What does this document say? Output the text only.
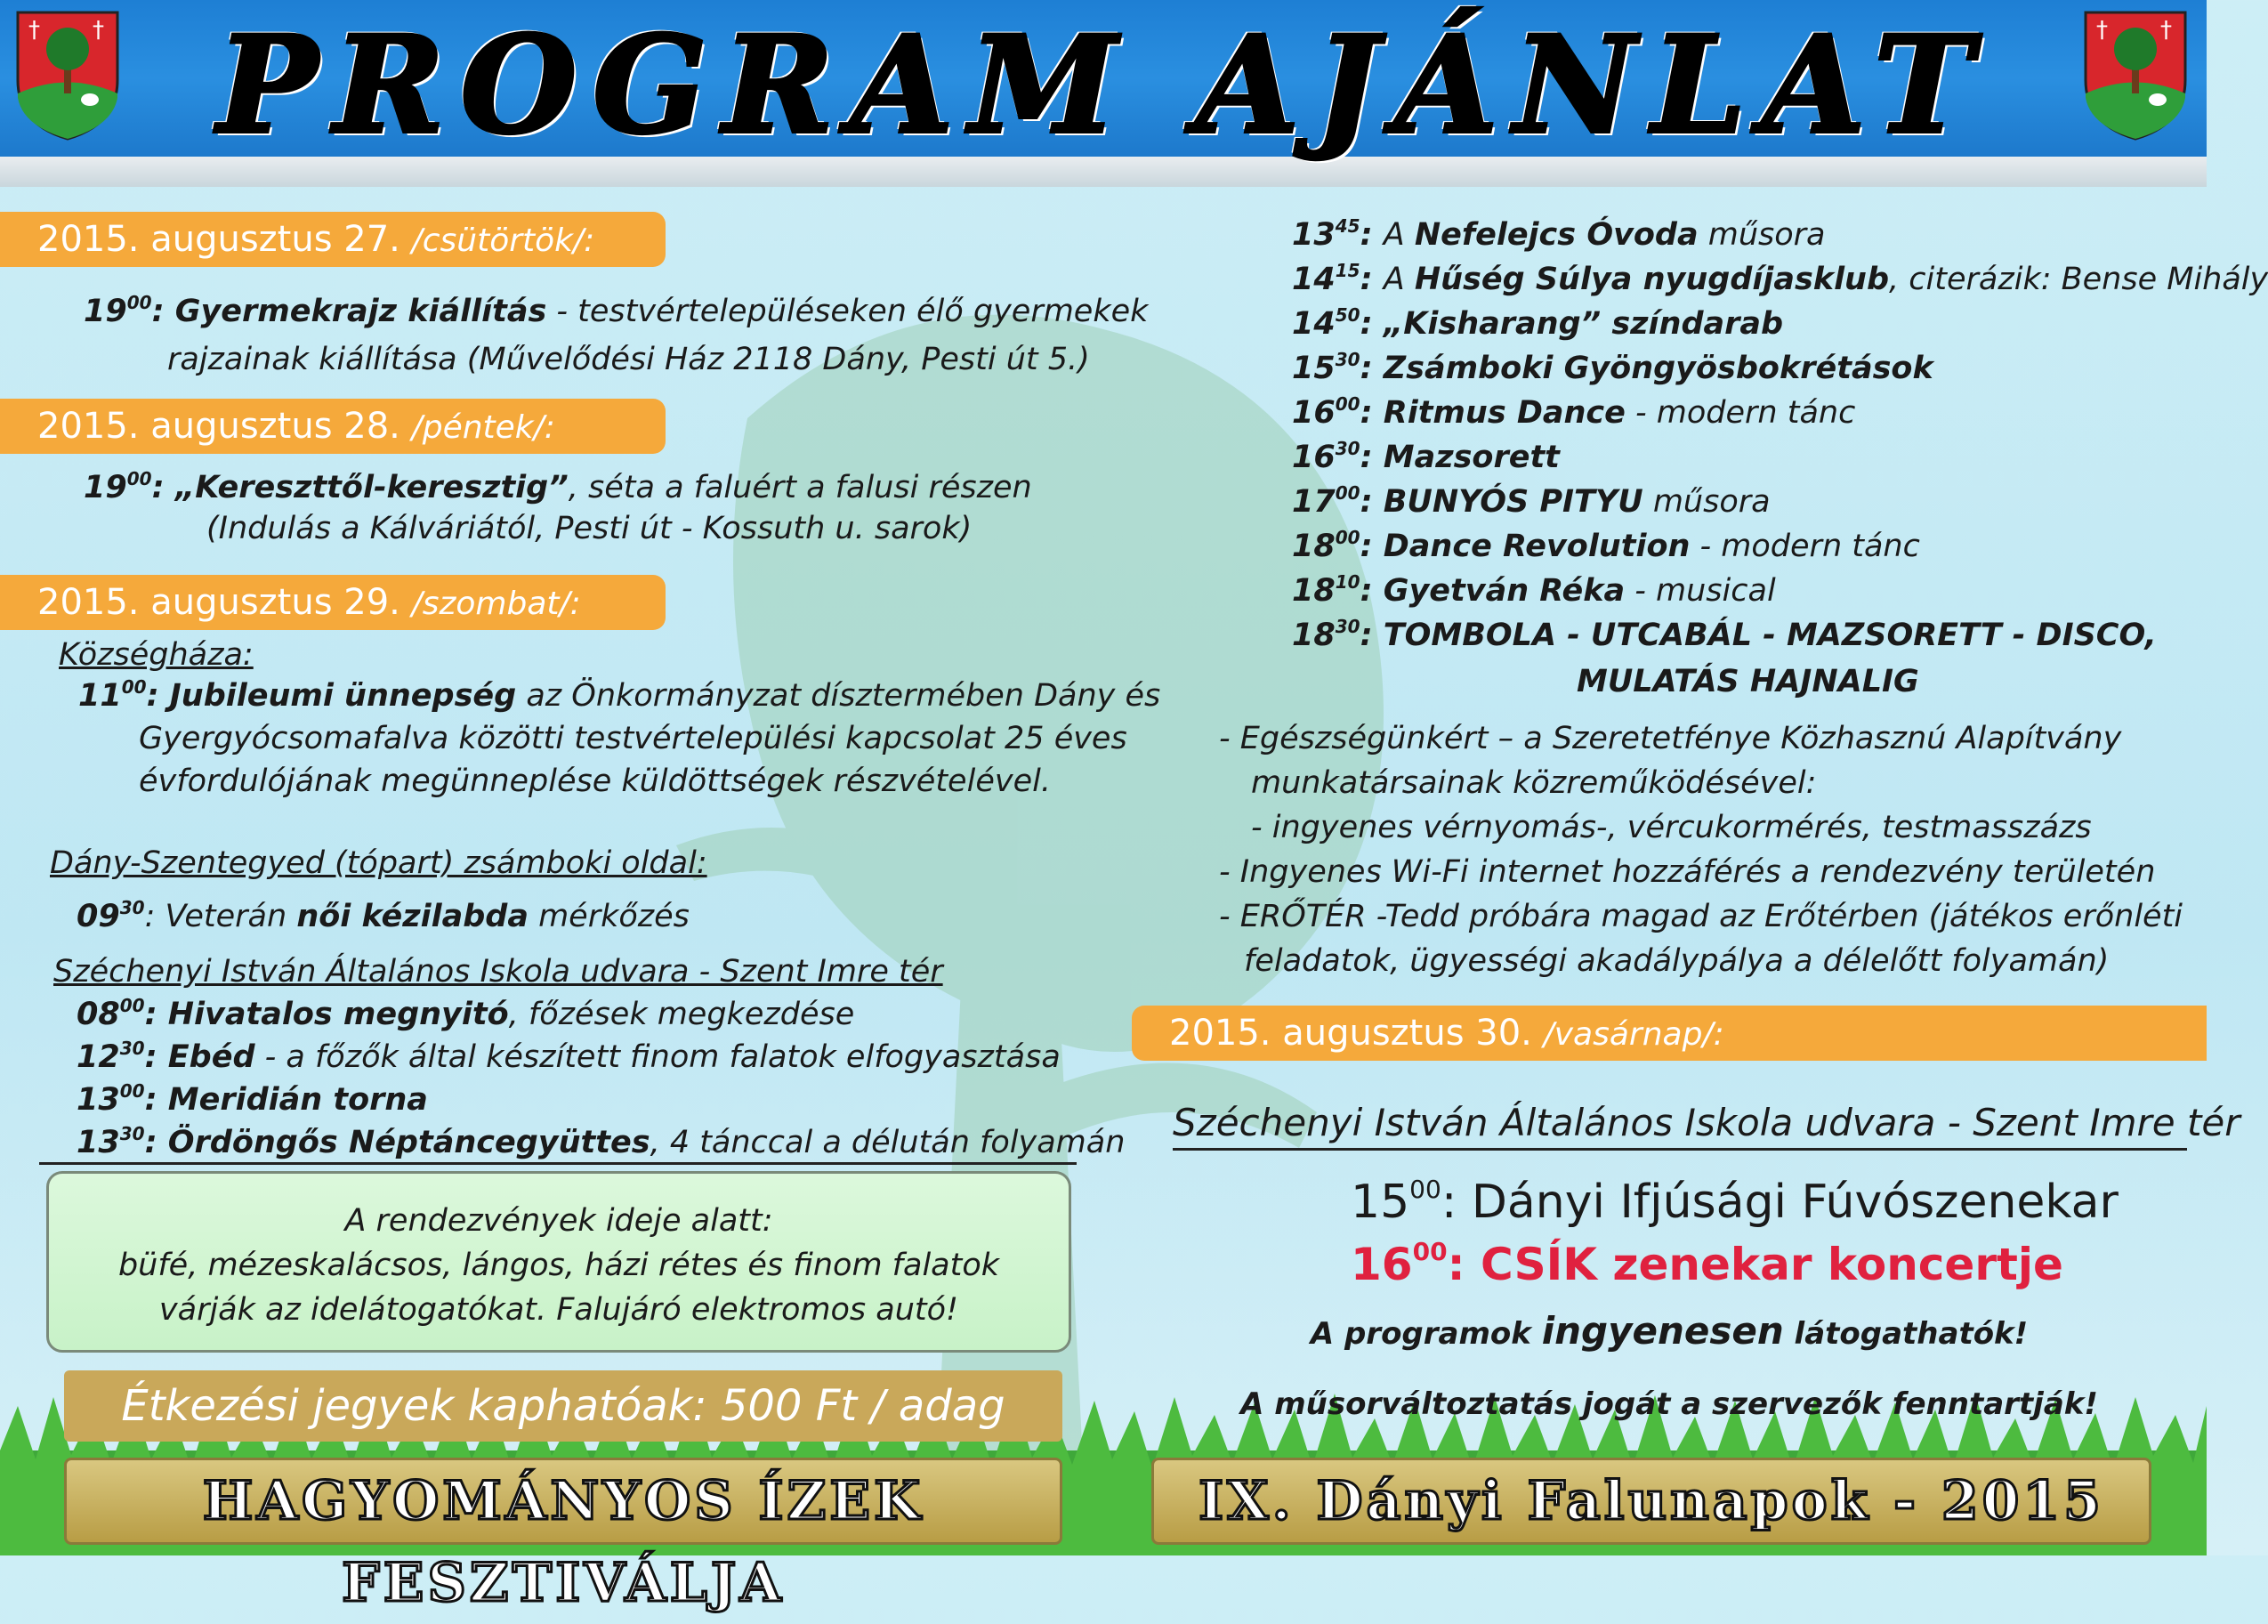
PROGRAM AJÁNLAT
† †	† †
2015. augusztus 27. /csütörtök/:
$19^{00}$: Gyermekrajz kiállítás - testvértelepüléseken élő gyermekek
rajzainak kiállítása (Művelődési Ház 2118 Dány, Pesti út 5.)
2015. augusztus 28. /péntek/:
$19^{00}$: „Kereszttől-keresztig”, séta a faluért a falusi részen
(Indulás a Kálváriától, Pesti út - Kossuth u. sarok)
2015. augusztus 29. /szombat/:
Községháza:
$11^{00}$: Jubileumi ünnepség az Önkormányzat dísztermében Dány és
Gyergyócsomafalva közötti testvértelepülési kapcsolat 25 éves
évfordulójának megünneplése küldöttségek részvételével.
Dány-Szentegyed (tópart) zsámboki oldal:
$09^{30}$: Veterán női kézilabda mérkőzés
Széchenyi István Általános Iskola udvara - Szent Imre tér
$08^{00}$: Hivatalos megnyitó, főzések megkezdése
$12^{30}$: Ebéd - a főzők által készített finom falatok elfogyasztása
$13^{00}$: Meridián torna
$13^{30}$: Ördöngős Néptáncegyüttes, 4 tánccal a délután folyamán
A rendezvények ideje alatt:
büfé, mézeskalácsos, lángos, házi rétes és finom falatok
várják az idelátogatókat. Falujáró elektromos autó!
Étkezési jegyek kaphatóak: 500 Ft / adag
$13^{45}$: A Nefelejcs Óvoda műsora
$14^{15}$: A Hűség Súlya nyugdíjasklub, citerázik: Bense Mihály
$14^{50}$: „Kisharang” színdarab
$15^{30}$: Zsámboki Gyöngyösbokrétások
$16^{00}$: Ritmus Dance - modern tánc
$16^{30}$: Mazsorett
$17^{00}$: BUNYÓS PITYU műsora
$18^{00}$: Dance Revolution - modern tánc
$18^{10}$: Gyetván Réka - musical
$18^{30}$: TOMBOLA - UTCABÁL - MAZSORETT - DISCO,
MULATÁS HAJNALIG
- Egészségünkért – a Szeretetfénye Közhasznú Alapítvány
munkatársainak közreműködésével:
- ingyenes vérnyomás-, vércukormérés, testmasszázs
- Ingyenes Wi-Fi internet hozzáférés a rendezvény területén
- ERŐTÉR -Tedd próbára magad az Erőtérben (játékos erőnléti
feladatok, ügyességi akadálypálya a délelőtt folyamán)
2015. augusztus 30. /vasárnap/:
Széchenyi István Általános Iskola udvara - Szent Imre tér
$15^{00}$: Dányi Ifjúsági Fúvószenekar
$16^{00}$: CSÍK zenekar koncertje
A programok ingyenesen látogathatók!
A műsorváltoztatás jogát a szervezők fenntartják!
HAGYOMÁNYOS ÍZEK FESZTIVÁLJA
IX. Dányi Falunapok - 2015
